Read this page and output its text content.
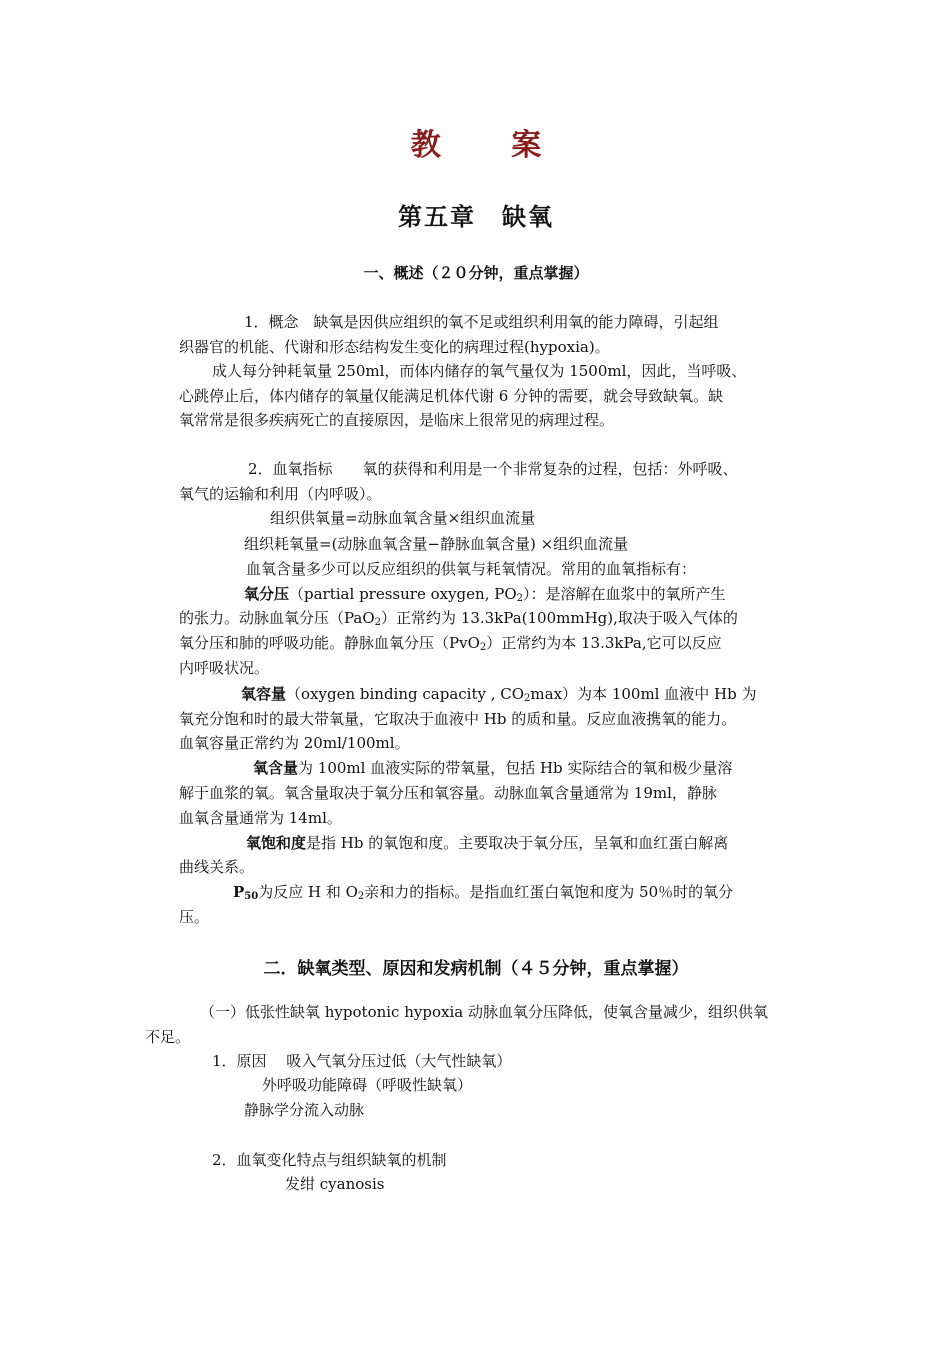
教 案
第五章　缺氧
一、概述（２０分钟，重点掌握）
1．概念　缺氧是因供应组织的氧不足或组织利用氧的能力障碍，引起组
织器官的机能、代谢和形态结构发生变化的病理过程(hypoxia)。
成人每分钟耗氧量 250ml，而体内储存的氧气量仅为 1500ml，因此，当呼吸、
心跳停止后，体内储存的氧量仅能满足机体代谢 6 分钟的需要，就会导致缺氧。缺
氧常常是很多疾病死亡的直接原因，是临床上很常见的病理过程。
2．血氧指标　　氧的获得和利用是一个非常复杂的过程，包括：外呼吸、
氧气的运输和利用（内呼吸）。
组织供氧量=动脉血氧含量×组织血流量
组织耗氧量=(动脉血氧含量−静脉血氧含量) ×组织血流量
血氧含量多少可以反应组织的供氧与耗氧情况。常用的血氧指标有：
氧分压（partial pressure oxygen, $PO_2$）：是溶解在血浆中的氧所产生
的张力。动脉血氧分压（PaO$_2$）正常约为 13.3kPa(100mmHg),取决于吸入气体的
氧分压和肺的呼吸功能。静脉血氧分压（PvO$_2$）正常约为本 13.3kPa,它可以反应
内呼吸状况。
氧容量（oxygen binding capacity , $CO_2\max$）为本 100ml 血液中 Hb 为
氧充分饱和时的最大带氧量，它取决于血液中 Hb 的质和量。反应血液携氧的能力。
血氧容量正常约为 20ml/100ml。
氧含量为 100ml 血液实际的带氧量，包括 Hb 实际结合的氧和极少量溶
解于血浆的氧。氧含量取决于氧分压和氧容量。动脉血氧含量通常为 19ml，静脉
血氧含量通常为 14ml。
氧饱和度是指 Hb 的氧饱和度。主要取决于氧分压，呈氧和血红蛋白解离
曲线关系。
$P_{50}$为反应 H 和 $O_2$亲和力的指标。是指血红蛋白氧饱和度为 50％时的氧分
压。
二．缺氧类型、原因和发病机制（４５分钟，重点掌握）
（一）低张性缺氧 hypotonic hypoxia 动脉血氧分压降低，使氧含量减少，组织供氧
不足。
1．原因　 吸入气氧分压过低（大气性缺氧）
外呼吸功能障碍（呼吸性缺氧）
静脉学分流入动脉
2．血氧变化特点与组织缺氧的机制
发绀 cyanosis
